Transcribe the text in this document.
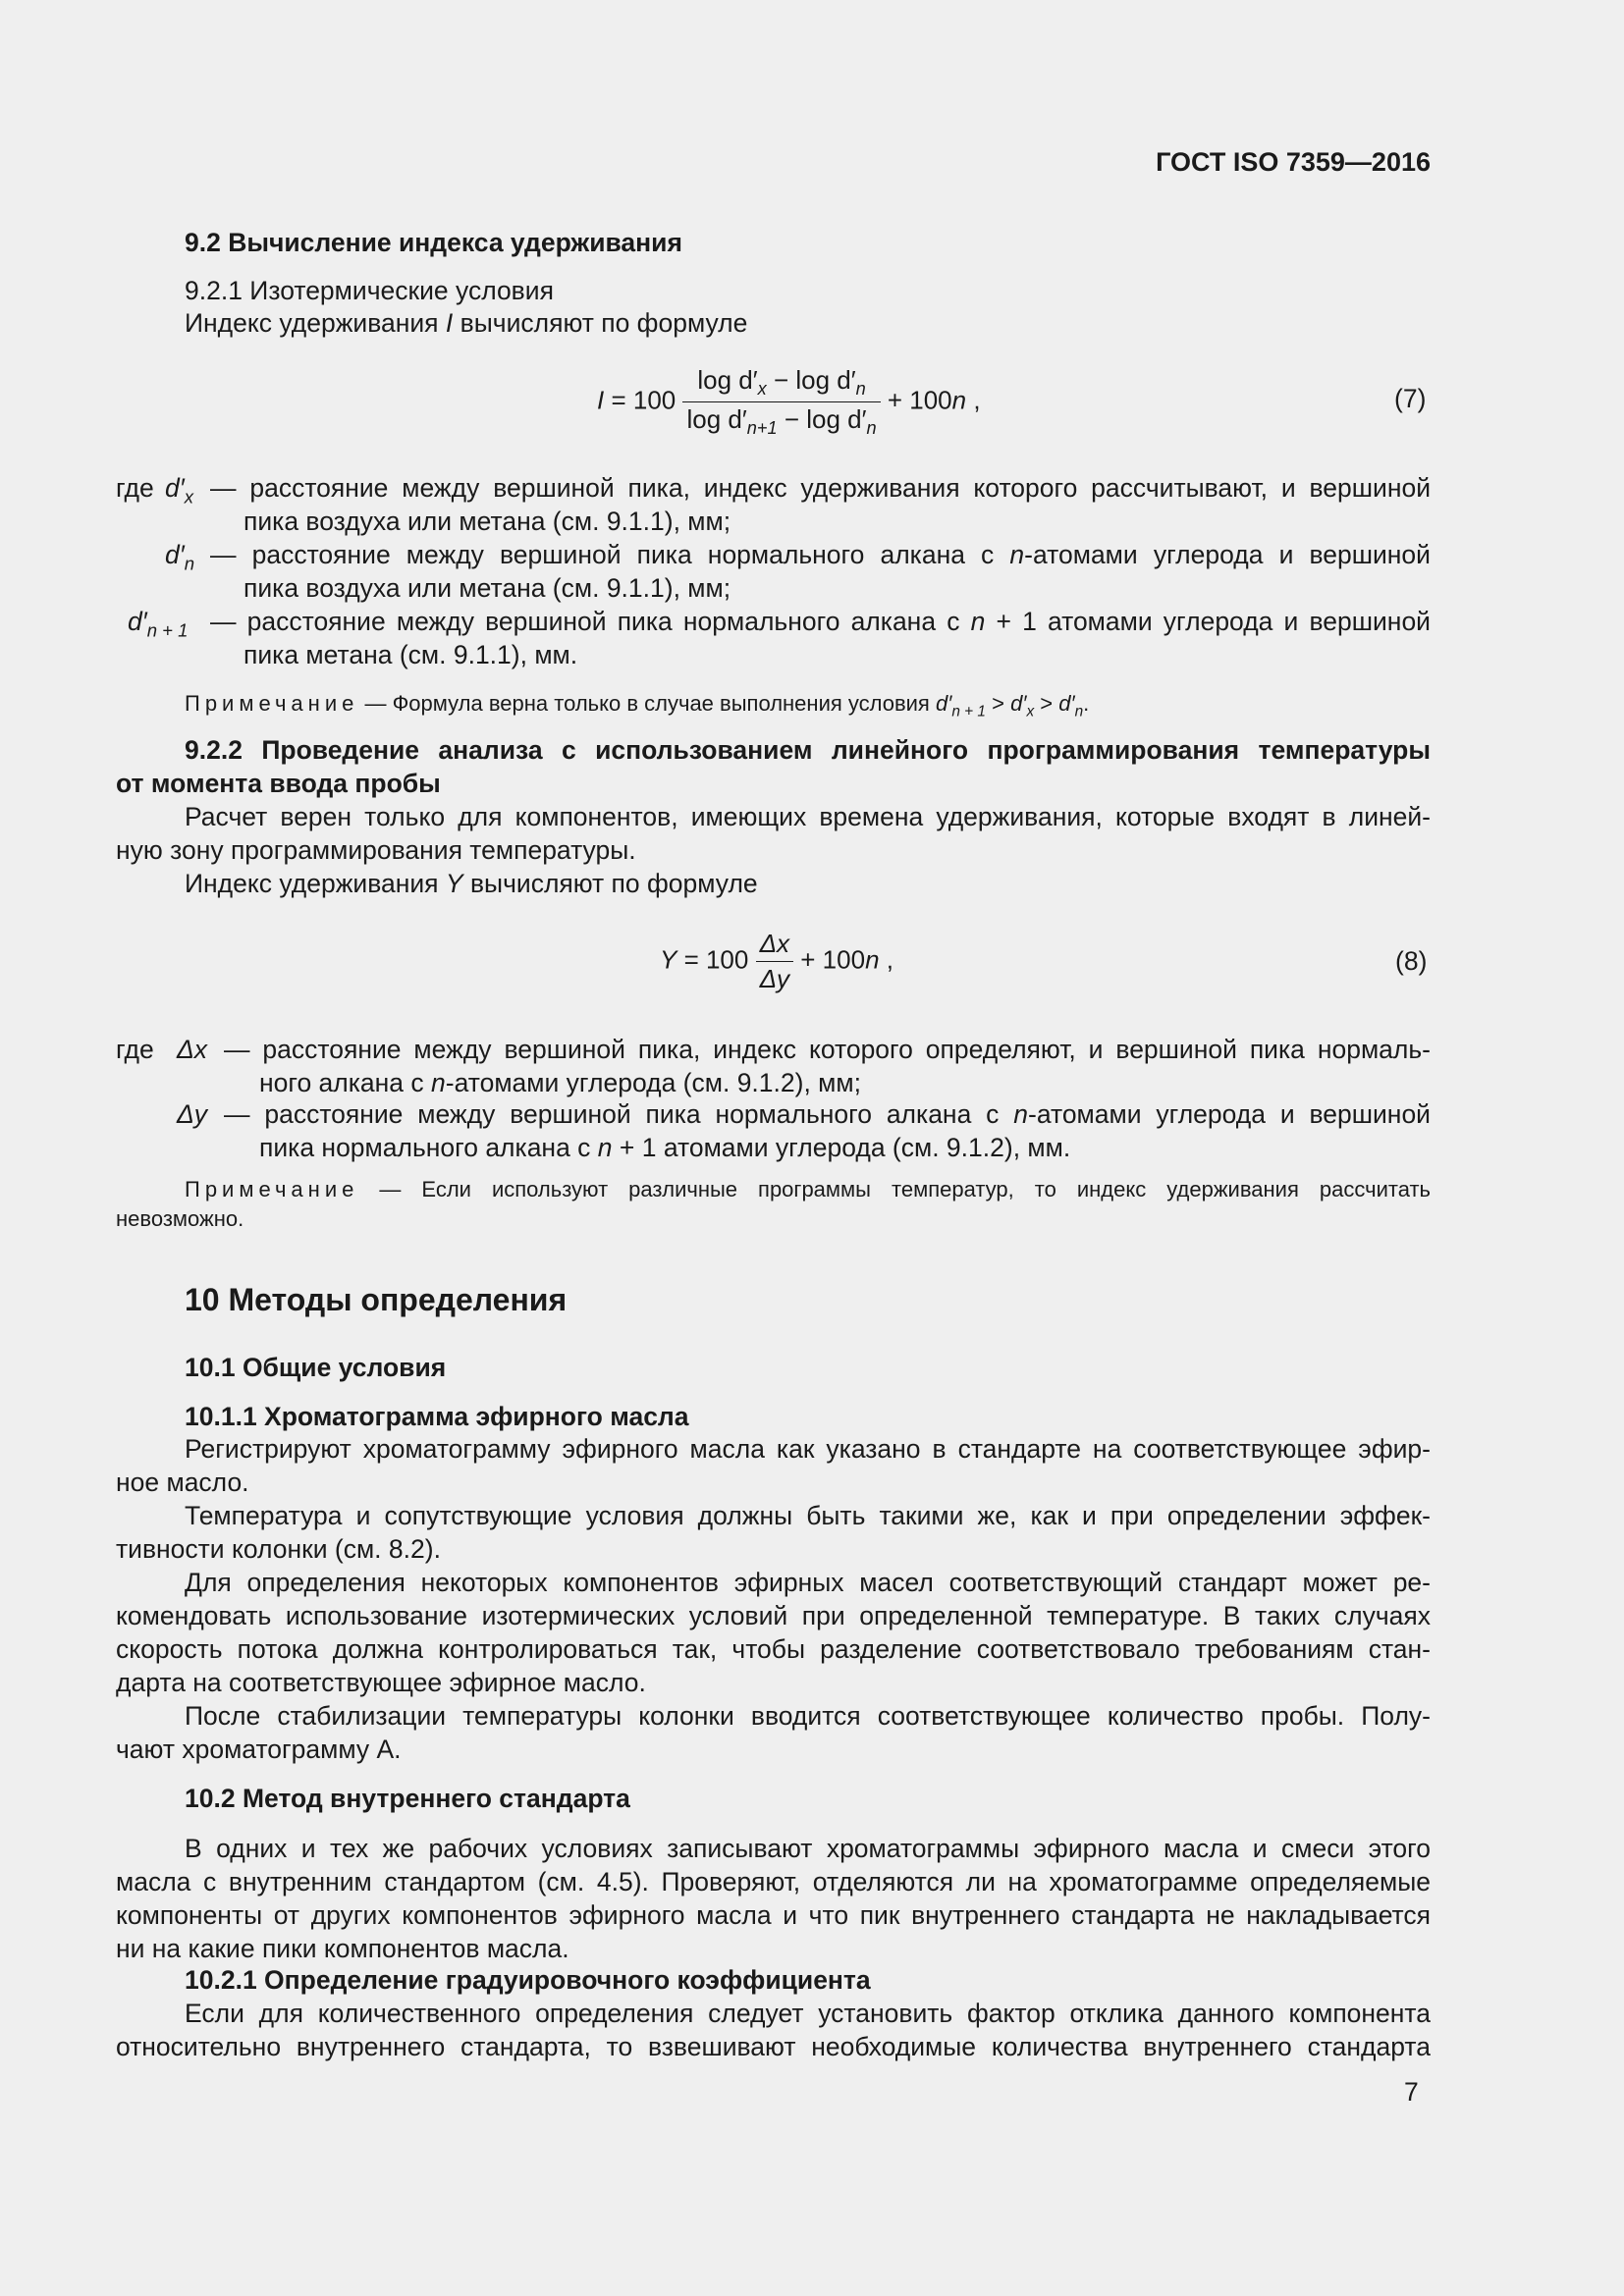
ГОСТ ISO 7359—2016
9.2 Вычисление индекса удерживания
9.2.1 Изотермические условия
Индекс удерживания I вычисляют по формуле
$I = 100 \frac{\log d'_x - \log d'_n}{\log d'_{n+1} - \log d'_n} + 100n$ ,	(7)
где $d'_x$ — расстояние между вершиной пика, индекс удерживания которого рассчитывают, и вершиной
пика воздуха или метана (см. 9.1.1), мм;
$d'_n$ — расстояние между вершиной пика нормального алкана с n-атомами углерода и вершиной
пика воздуха или метана (см. 9.1.1), мм;
$d'_{n + 1}$ — расстояние между вершиной пика нормального алкана с n + 1 атомами углерода и вершиной
пика метана (см. 9.1.1), мм.
Примечание — Формула верна только в случае выполнения условия $d'_{n + 1} > d'_x > d'_n$.
9.2.2 Проведение анализа с использованием линейного программирования температуры
от момента ввода пробы
Расчет верен только для компонентов, имеющих времена удерживания, которые входят в линей-
ную зону программирования температуры.
Индекс удерживания Y вычисляют по формуле
$Y = 100 \frac{\Delta x}{\Delta y} + 100n$ ,	(8)
где Δx — расстояние между вершиной пика, индекс которого определяют, и вершиной пика нормаль-
ного алкана с n-атомами углерода (см. 9.1.2), мм;
Δy — расстояние между вершиной пика нормального алкана с n-атомами углерода и вершиной
пика нормального алкана с n + 1 атомами углерода (см. 9.1.2), мм.
Примечание — Если используют различные программы температур, то индекс удерживания рассчитать
невозможно.
10 Методы определения
10.1 Общие условия
10.1.1 Хроматограмма эфирного масла
Регистрируют хроматограмму эфирного масла как указано в стандарте на соответствующее эфир-
ное масло.
Температура и сопутствующие условия должны быть такими же, как и при определении эффек-
тивности колонки (см. 8.2).
Для определения некоторых компонентов эфирных масел соответствующий стандарт может ре-
комендовать использование изотермических условий при определенной температуре. В таких случаях
скорость потока должна контролироваться так, чтобы разделение соответствовало требованиям стан-
дарта на соответствующее эфирное масло.
После стабилизации температуры колонки вводится соответствующее количество пробы. Полу-
чают хроматограмму А.
10.2 Метод внутреннего стандарта
В одних и тех же рабочих условиях записывают хроматограммы эфирного масла и смеси этого
масла с внутренним стандартом (см. 4.5). Проверяют, отделяются ли на хроматограмме определяемые
компоненты от других компонентов эфирного масла и что пик внутреннего стандарта не накладывается
ни на какие пики компонентов масла.
10.2.1 Определение градуировочного коэффициента
Если для количественного определения следует установить фактор отклика данного компонента
относительно внутреннего стандарта, то взвешивают необходимые количества внутреннего стандарта
7
